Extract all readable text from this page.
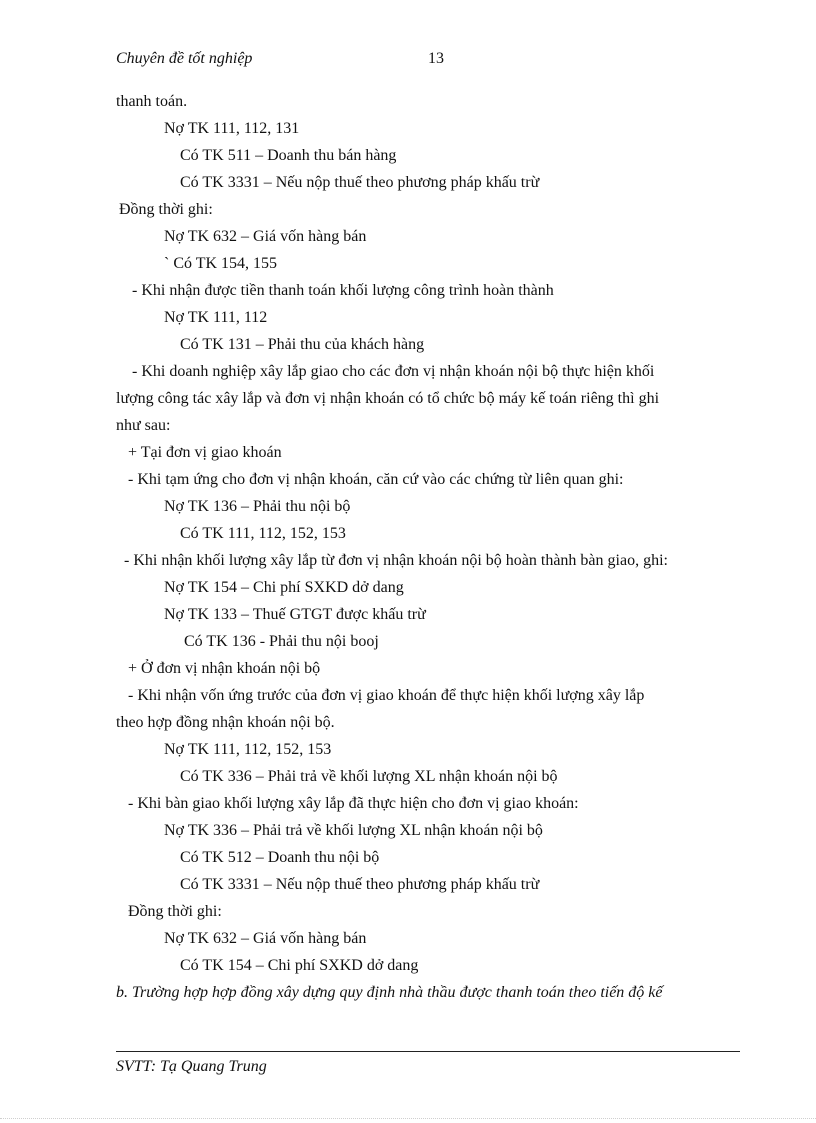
Chuyên đề tốt nghiệp	13
thanh toán.
Nợ TK 111, 112, 131
Có TK 511 – Doanh thu bán hàng
Có TK 3331 – Nếu nộp thuế theo phương pháp khấu trừ
Đồng thời ghi:
Nợ TK 632 – Giá vốn hàng bán
` Có TK 154, 155
- Khi nhận được tiền thanh toán khối lượng công trình hoàn thành
Nợ TK 111, 112
Có TK 131 – Phải thu của khách hàng
- Khi doanh nghiệp xây lắp giao cho các đơn vị nhận khoán nội bộ thực hiện khối
lượng công tác xây lắp và đơn vị nhận khoán có tổ chức bộ máy kế toán riêng thì ghi
như sau:
+ Tại đơn vị giao khoán
- Khi tạm ứng cho đơn vị nhận khoán, căn cứ vào các chứng từ liên quan ghi:
Nợ TK 136 – Phải thu nội bộ
Có TK 111, 112, 152, 153
- Khi nhận khối lượng xây lắp từ đơn vị nhận khoán nội bộ hoàn thành bàn giao, ghi:
Nợ TK 154 – Chi phí SXKD dở dang
Nợ TK 133 – Thuế GTGT được khấu trừ
Có TK 136 - Phải thu nội booj
+ Ở đơn vị nhận khoán nội bộ
- Khi nhận vốn ứng trước của đơn vị giao khoán để thực hiện khối lượng xây lắp
theo hợp đồng nhận khoán nội bộ.
Nợ TK 111, 112, 152, 153
Có TK 336 – Phải trả về khối lượng XL nhận khoán nội bộ
- Khi bàn giao khối lượng xây lắp đã thực hiện cho đơn vị giao khoán:
Nợ TK 336 – Phải trả về khối lượng XL nhận khoán nội bộ
Có TK 512 – Doanh thu nội bộ
Có TK 3331 – Nếu nộp thuế theo phương pháp khấu trừ
Đồng thời ghi:
Nợ TK 632 – Giá vốn hàng bán
Có TK 154 – Chi phí SXKD dở dang
b. Trường hợp hợp đồng xây dựng quy định nhà thầu được thanh toán theo tiến độ kế
SVTT: Tạ Quang Trung
